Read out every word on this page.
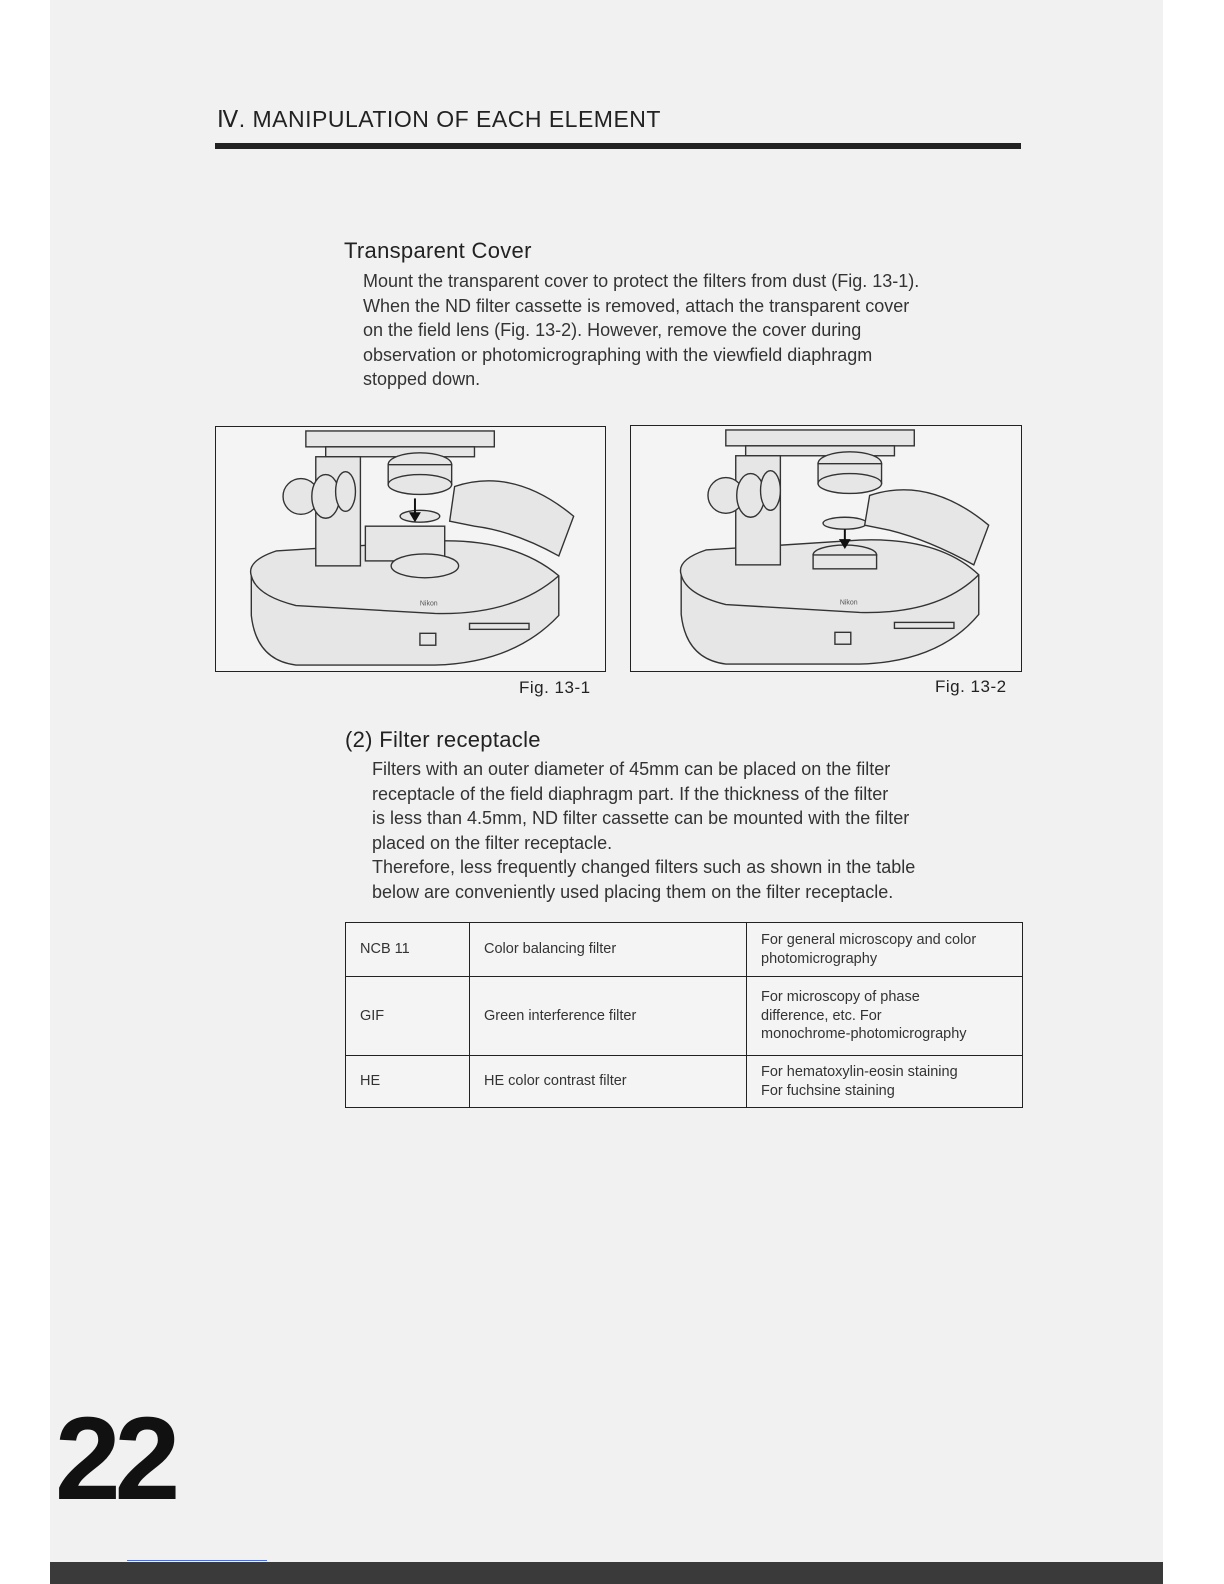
Ⅳ. MANIPULATION OF EACH ELEMENT
Transparent Cover

Mount the transparent cover to protect the filters from dust (Fig. 13-1).

When the ND filter cassette is removed, attach the transparent cover

on the field lens (Fig. 13-2). However, remove the cover during

observation or photomicrographing with the viewfield diaphragm

stopped down.

Nikon
Fig. 13-1
Nikon
Fig. 13-2
(2) Filter receptacle

Filters with an outer diameter of 45mm can be placed on the filter

receptacle of the field diaphragm part. If the thickness of the filter

is less than 4.5mm, ND filter cassette can be mounted with the filter

placed on the filter receptacle.

Therefore, less frequently changed filters such as shown in the table

below are conveniently used placing them on the filter receptacle.

NCB 11	Color balancing filter	For general microscopy and color
photomicrography

GIF	Green interference filter	For microscopy of phase
difference, etc. For
monochrome-photomicrography

HE	HE color contrast filter	For hematoxylin-eosin staining
For fuchsine staining
22
